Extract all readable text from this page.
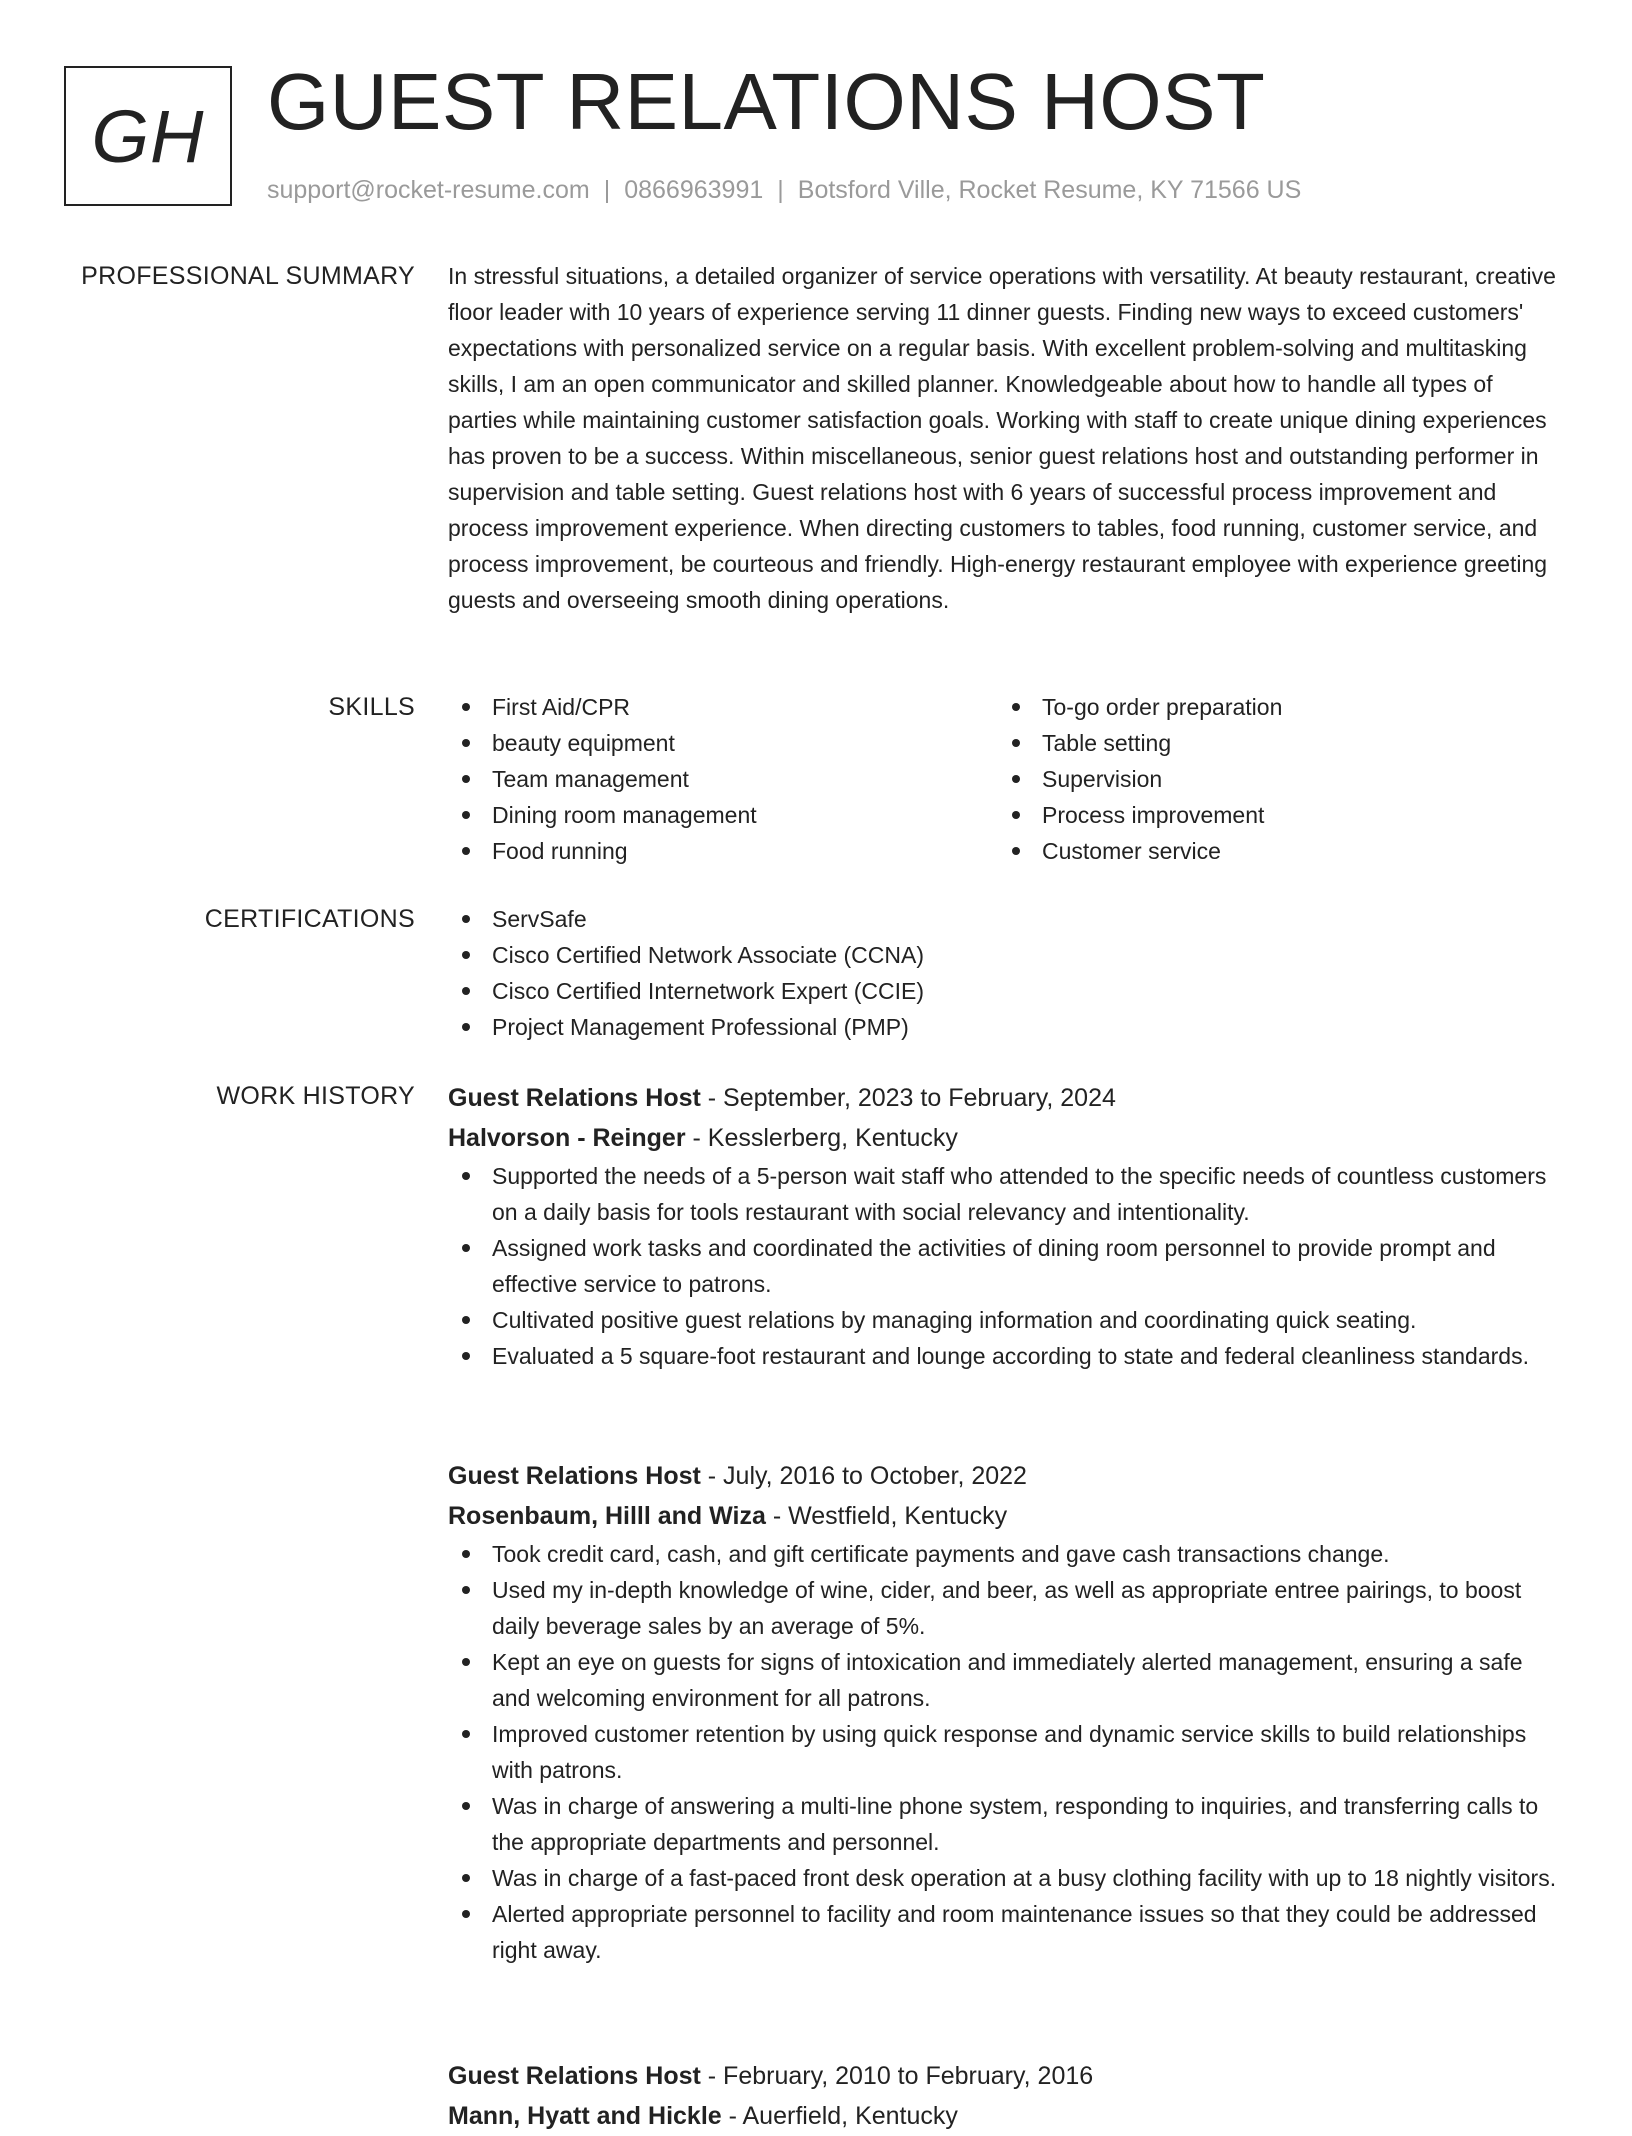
GH GUEST RELATIONS HOST
support@rocket-resume.com | 0866963991 | Botsford Ville, Rocket Resume, KY 71566 US
PROFESSIONAL SUMMARY In stressful situations, a detailed organizer of service operations with versatility. At beauty restaurant, creative floor leader with 10 years of experience serving 11 dinner guests. Finding new ways to exceed customers' expectations with personalized service on a regular basis. With excellent problem-solving and multitasking skills, I am an open communicator and skilled planner. Knowledgeable about how to handle all types of parties while maintaining customer satisfaction goals. Working with staff to create unique dining experiences has proven to be a success. Within miscellaneous, senior guest relations host and outstanding performer in supervision and table setting. Guest relations host with 6 years of successful process improvement and process improvement experience. When directing customers to tables, food running, customer service, and process improvement, be courteous and friendly. High-energy restaurant employee with experience greeting guests and overseeing smooth dining operations.

SKILLS	First Aid/CPR
beauty equipment
Team management
Dining room management
Food running
To-go order preparation
Table setting
Supervision
Process improvement
Customer service
CERTIFICATIONS	ServSafe
Cisco Certified Network Associate (CCNA)
Cisco Certified Internetwork Expert (CCIE)
Project Management Professional (PMP)
WORK HISTORY Guest Relations Host - September, 2023 to February, 2024
Halvorson - Reinger - Kesslerberg, Kentucky
Supported the needs of a 5-person wait staff who attended to the specific needs of countless customers on a daily basis for tools restaurant with social relevancy and intentionality.
Assigned work tasks and coordinated the activities of dining room personnel to provide prompt and effective service to patrons.
Cultivated positive guest relations by managing information and coordinating quick seating.
Evaluated a 5 square-foot restaurant and lounge according to state and federal cleanliness standards.
Guest Relations Host - July, 2016 to October, 2022
Rosenbaum, Hilll and Wiza - Westfield, Kentucky
Took credit card, cash, and gift certificate payments and gave cash transactions change.
Used my in-depth knowledge of wine, cider, and beer, as well as appropriate entree pairings, to boost daily beverage sales by an average of 5%.
Kept an eye on guests for signs of intoxication and immediately alerted management, ensuring a safe and welcoming environment for all patrons.
Improved customer retention by using quick response and dynamic service skills to build relationships with patrons.
Was in charge of answering a multi-line phone system, responding to inquiries, and transferring calls to the appropriate departments and personnel.
Was in charge of a fast-paced front desk operation at a busy clothing facility with up to 18 nightly visitors.
Alerted appropriate personnel to facility and room maintenance issues so that they could be addressed right away.
Guest Relations Host - February, 2010 to February, 2016
Mann, Hyatt and Hickle - Auerfield, Kentucky
